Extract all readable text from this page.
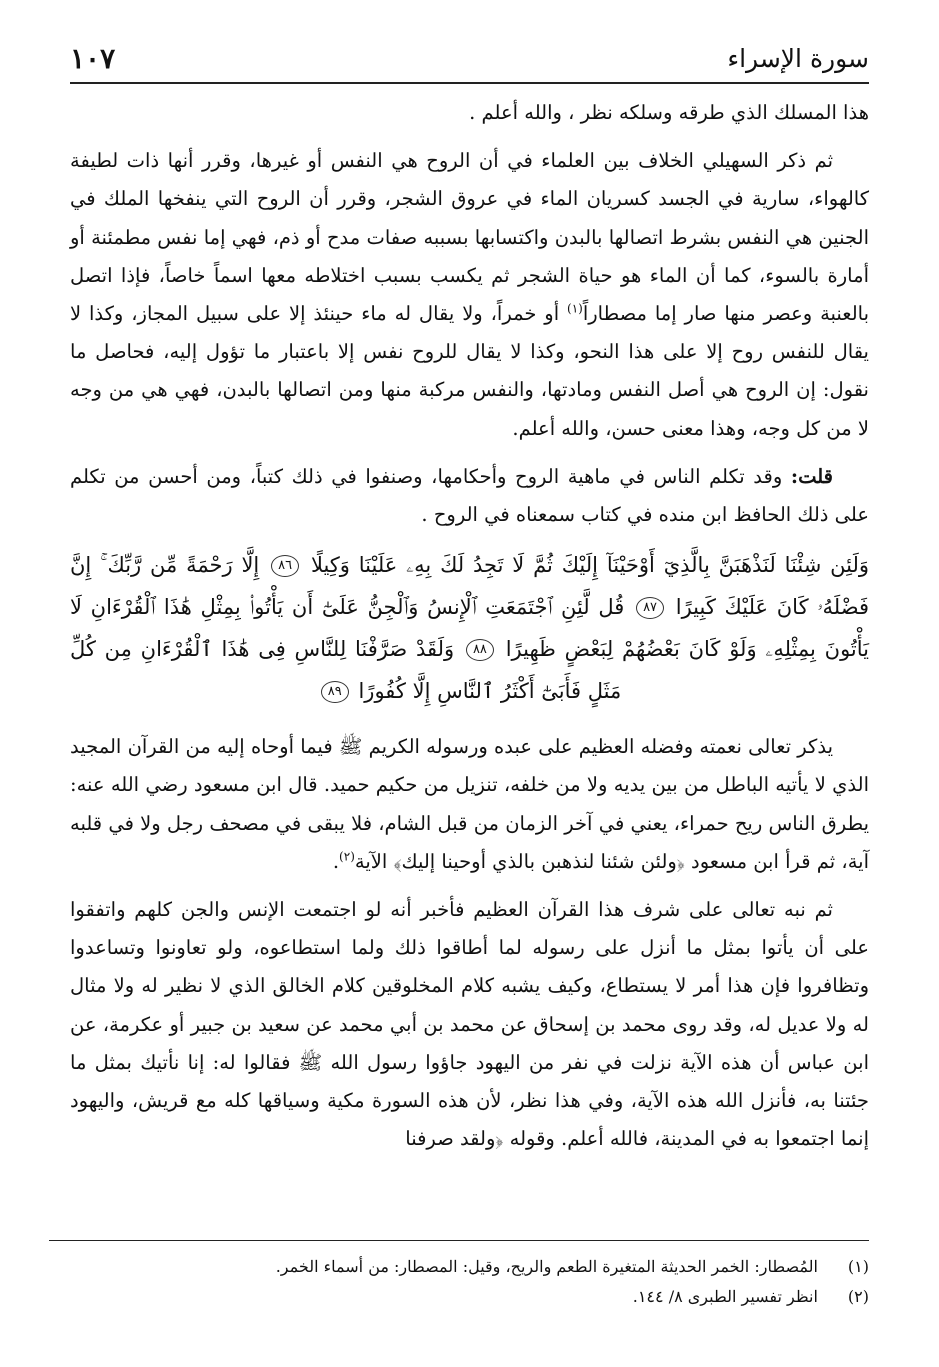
سورة الإسراء
١٠٧

هذا المسلك الذي طرقه وسلكه نظر ، والله أعلم .

ثم ذكر السهيلي الخلاف بين العلماء في أن الروح هي النفس أو غيرها، وقرر أنها ذات لطيفة كالهواء، سارية في الجسد كسريان الماء في عروق الشجر، وقرر أن الروح التي ينفخها الملك في الجنين هي النفس بشرط اتصالها بالبدن واكتسابها بسببه صفات مدح أو ذم، فهي إما نفس مطمئنة أو أمارة بالسوء، كما أن الماء هو حياة الشجر ثم يكسب بسبب اختلاطه معها اسماً خاصاً، فإذا اتصل بالعنبة وعصر منها صار إما مصطاراً$^{(١)}$ أو خمراً، ولا يقال له ماء حينئذ إلا على سبيل المجاز، وكذا لا يقال للنفس روح إلا على هذا النحو، وكذا لا يقال للروح نفس إلا باعتبار ما تؤول إليه، فحاصل ما نقول: إن الروح هي أصل النفس ومادتها، والنفس مركبة منها ومن اتصالها بالبدن، فهي هي من وجه لا من كل وجه، وهذا معنى حسن، والله أعلم.

قلت: وقد تكلم الناس في ماهية الروح وأحكامها، وصنفوا في ذلك كتباً، ومن أحسن من تكلم على ذلك الحافظ ابن منده في كتاب سمعناه في الروح .

وَلَئِن شِئْنَا لَنَذْهَبَنَّ بِالَّذِيٓ أَوْحَيْنَآ إِلَيْكَ ثُمَّ لَا تَجِدُ لَكَ بِهِۦ عَلَيْنَا وَكِيلًا ٨٦ إِلَّا رَحْمَةً مِّن رَّبِّكَ ۚ إِنَّ فَضْلَهُۥ كَانَ عَلَيْكَ كَبِيرًا ٨٧ قُل لَّئِنِ ٱجْتَمَعَتِ ٱلْإِنسُ وَٱلْجِنُّ عَلَىٰٓ أَن يَأْتُوا۟ بِمِثْلِ هَٰذَا ٱلْقُرْءَانِ لَا يَأْتُونَ بِمِثْلِهِۦ وَلَوْ كَانَ بَعْضُهُمْ لِبَعْضٍ ظَهِيرًا ٨٨ وَلَقَدْ صَرَّفْنَا لِلنَّاسِ فِى هَٰذَا ٱلْقُرْءَانِ مِن كُلِّ مَثَلٍ فَأَبَىٰٓ أَكْثَرُ ٱلنَّاسِ إِلَّا كُفُورًا ٨٩

يذكر تعالى نعمته وفضله العظيم على عبده ورسوله الكريم ﷺ فيما أوحاه إليه من القرآن المجيد الذي لا يأتيه الباطل من بين يديه ولا من خلفه، تنزيل من حكيم حميد. قال ابن مسعود رضي الله عنه: يطرق الناس ريح حمراء، يعني في آخر الزمان من قبل الشام، فلا يبقى في مصحف رجل ولا في قلبه آية، ثم قرأ ابن مسعود ﴿ولئن شئنا لنذهبن بالذي أوحينا إليك﴾ الآية$^{(٢)}$.

ثم نبه تعالى على شرف هذا القرآن العظيم فأخبر أنه لو اجتمعت الإنس والجن كلهم واتفقوا على أن يأتوا بمثل ما أنزل على رسوله لما أطاقوا ذلك ولما استطاعوه، ولو تعاونوا وتساعدوا وتظافروا فإن هذا أمر لا يستطاع، وكيف يشبه كلام المخلوقين كلام الخالق الذي لا نظير له ولا مثال له ولا عديل له، وقد روى محمد بن إسحاق عن محمد بن أبي محمد عن سعيد بن جبير أو عكرمة، عن ابن عباس أن هذه الآية نزلت في نفر من اليهود جاؤوا رسول الله ﷺ فقالوا له: إنا نأتيك بمثل ما جئتنا به، فأنزل الله هذه الآية، وفي هذا نظر، لأن هذه السورة مكية وسياقها كله مع قريش، واليهود إنما اجتمعوا به في المدينة، فالله أعلم. وقوله ﴿ولقد صرفنا

(١) المُصطار: الخمر الحديثة المتغيرة الطعم والريح، وقيل: المصطار: من أسماء الخمر.
(٢) انظر تفسير الطبرى ٨/ ١٤٤.
